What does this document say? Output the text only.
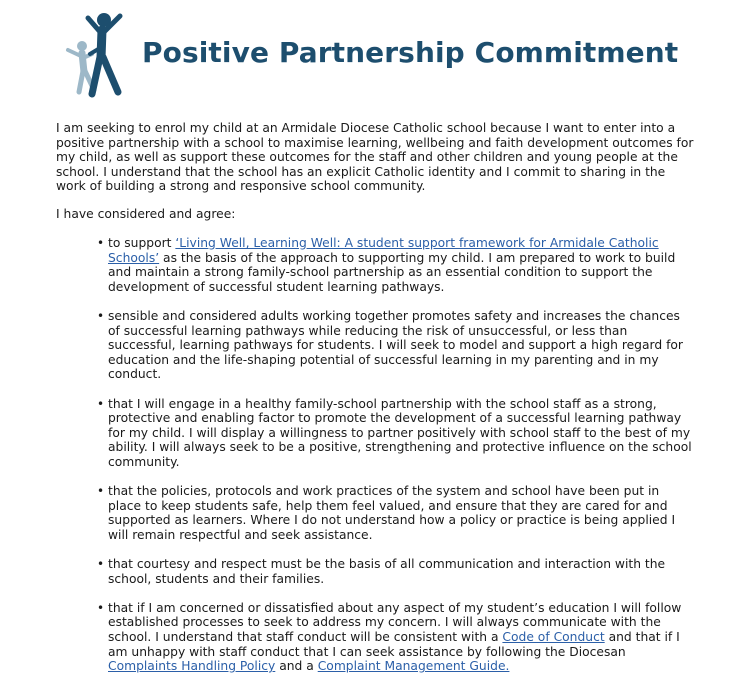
Positive Partnership Commitment

I am seeking to enrol my child at an Armidale Diocese Catholic school because I want to enter into a positive partnership with a school to maximise learning, wellbeing and faith development outcomes for my child, as well as support these outcomes for the staff and other children and young people at the school. I understand that the school has an explicit Catholic identity and I commit to sharing in the work of building a strong and responsive school community.

I have considered and agree:

• to support ‘Living Well, Learning Well: A student support framework for Armidale Catholic Schools’ as the basis of the approach to supporting my child. I am prepared to work to build and maintain a strong family-school partnership as an essential condition to support the development of successful student learning pathways.
• sensible and considered adults working together promotes safety and increases the chances of successful learning pathways while reducing the risk of unsuccessful, or less than successful, learning pathways for students. I will seek to model and support a high regard for education and the life-shaping potential of successful learning in my parenting and in my conduct.
• that I will engage in a healthy family-school partnership with the school staff as a strong, protective and enabling factor to promote the development of a successful learning pathway for my child. I will display a willingness to partner positively with school staff to the best of my ability. I will always seek to be a positive, strengthening and protective influence on the school community.
• that the policies, protocols and work practices of the system and school have been put in place to keep students safe, help them feel valued, and ensure that they are cared for and supported as learners. Where I do not understand how a policy or practice is being applied I will remain respectful and seek assistance.
• that courtesy and respect must be the basis of all communication and interaction with the school, students and their families.
• that if I am concerned or dissatisfied about any aspect of my student’s education I will follow established processes to seek to address my concern. I will always communicate with the school. I understand that staff conduct will be consistent with a Code of Conduct and that if I am unhappy with staff conduct that I can seek assistance by following the Diocesan Complaints Handling Policy and a Complaint Management Guide.
